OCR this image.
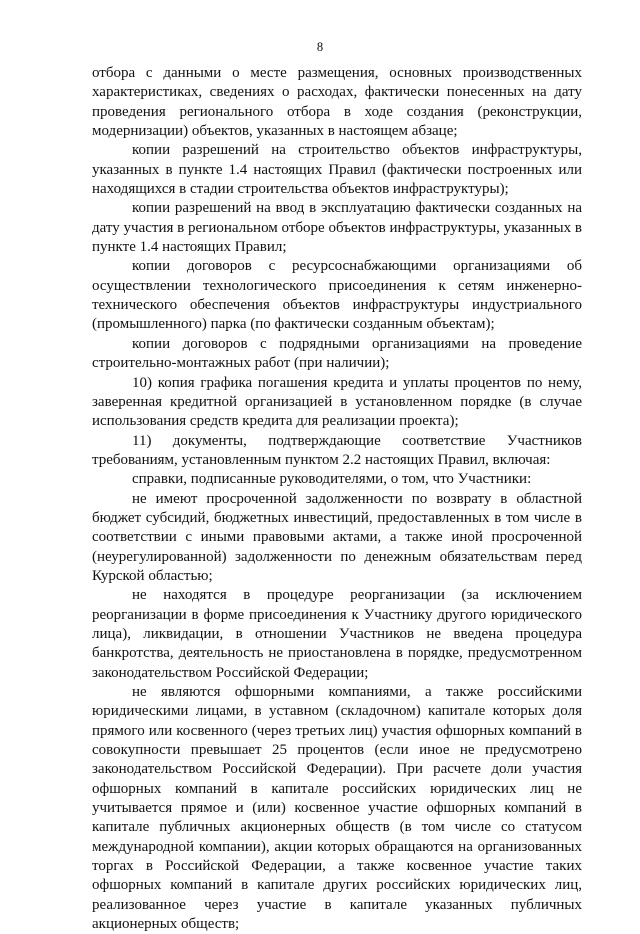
8

отбора с данными о месте размещения, основных производственных характеристиках, сведениях о расходах, фактически понесенных на дату проведения регионального отбора в ходе создания (реконструкции, модернизации) объектов, указанных в настоящем абзаце;

копии разрешений на строительство объектов инфраструктуры, указанных в пункте 1.4 настоящих Правил (фактически построенных или находящихся в стадии строительства объектов инфраструктуры);

копии разрешений на ввод в эксплуатацию фактически созданных на дату участия в региональном отборе объектов инфраструктуры, указанных в пункте 1.4 настоящих Правил;

копии договоров с ресурсоснабжающими организациями об осуществлении технологического присоединения к сетям инженерно-технического обеспечения объектов инфраструктуры индустриального (промышленного) парка (по фактически созданным объектам);

копии договоров с подрядными организациями на проведение строительно-монтажных работ (при наличии);

10) копия графика погашения кредита и уплаты процентов по нему, заверенная кредитной организацией в установленном порядке (в случае использования средств кредита для реализации проекта);

11) документы, подтверждающие соответствие Участников требованиям, установленным пунктом 2.2 настоящих Правил, включая:

справки, подписанные руководителями, о том, что Участники:

не имеют просроченной задолженности по возврату в областной бюджет субсидий, бюджетных инвестиций, предоставленных в том числе в соответствии с иными правовыми актами, а также иной просроченной (неурегулированной) задолженности по денежным обязательствам перед Курской областью;

не находятся в процедуре реорганизации (за исключением реорганизации в форме присоединения к Участнику другого юридического лица), ликвидации, в отношении Участников не введена процедура банкротства, деятельность не приостановлена в порядке, предусмотренном законодательством Российской Федерации;

не являются офшорными компаниями, а также российскими юридическими лицами, в уставном (складочном) капитале которых доля прямого или косвенного (через третьих лиц) участия офшорных компаний в совокупности превышает 25 процентов (если иное не предусмотрено законодательством Российской Федерации). При расчете доли участия офшорных компаний в капитале российских юридических лиц не учитывается прямое и (или) косвенное участие офшорных компаний в капитале публичных акционерных обществ (в том числе со статусом международной компании), акции которых обращаются на организованных торгах в Российской Федерации, а также косвенное участие таких офшорных компаний в капитале других российских юридических лиц, реализованное через участие в капитале указанных публичных акционерных обществ;
